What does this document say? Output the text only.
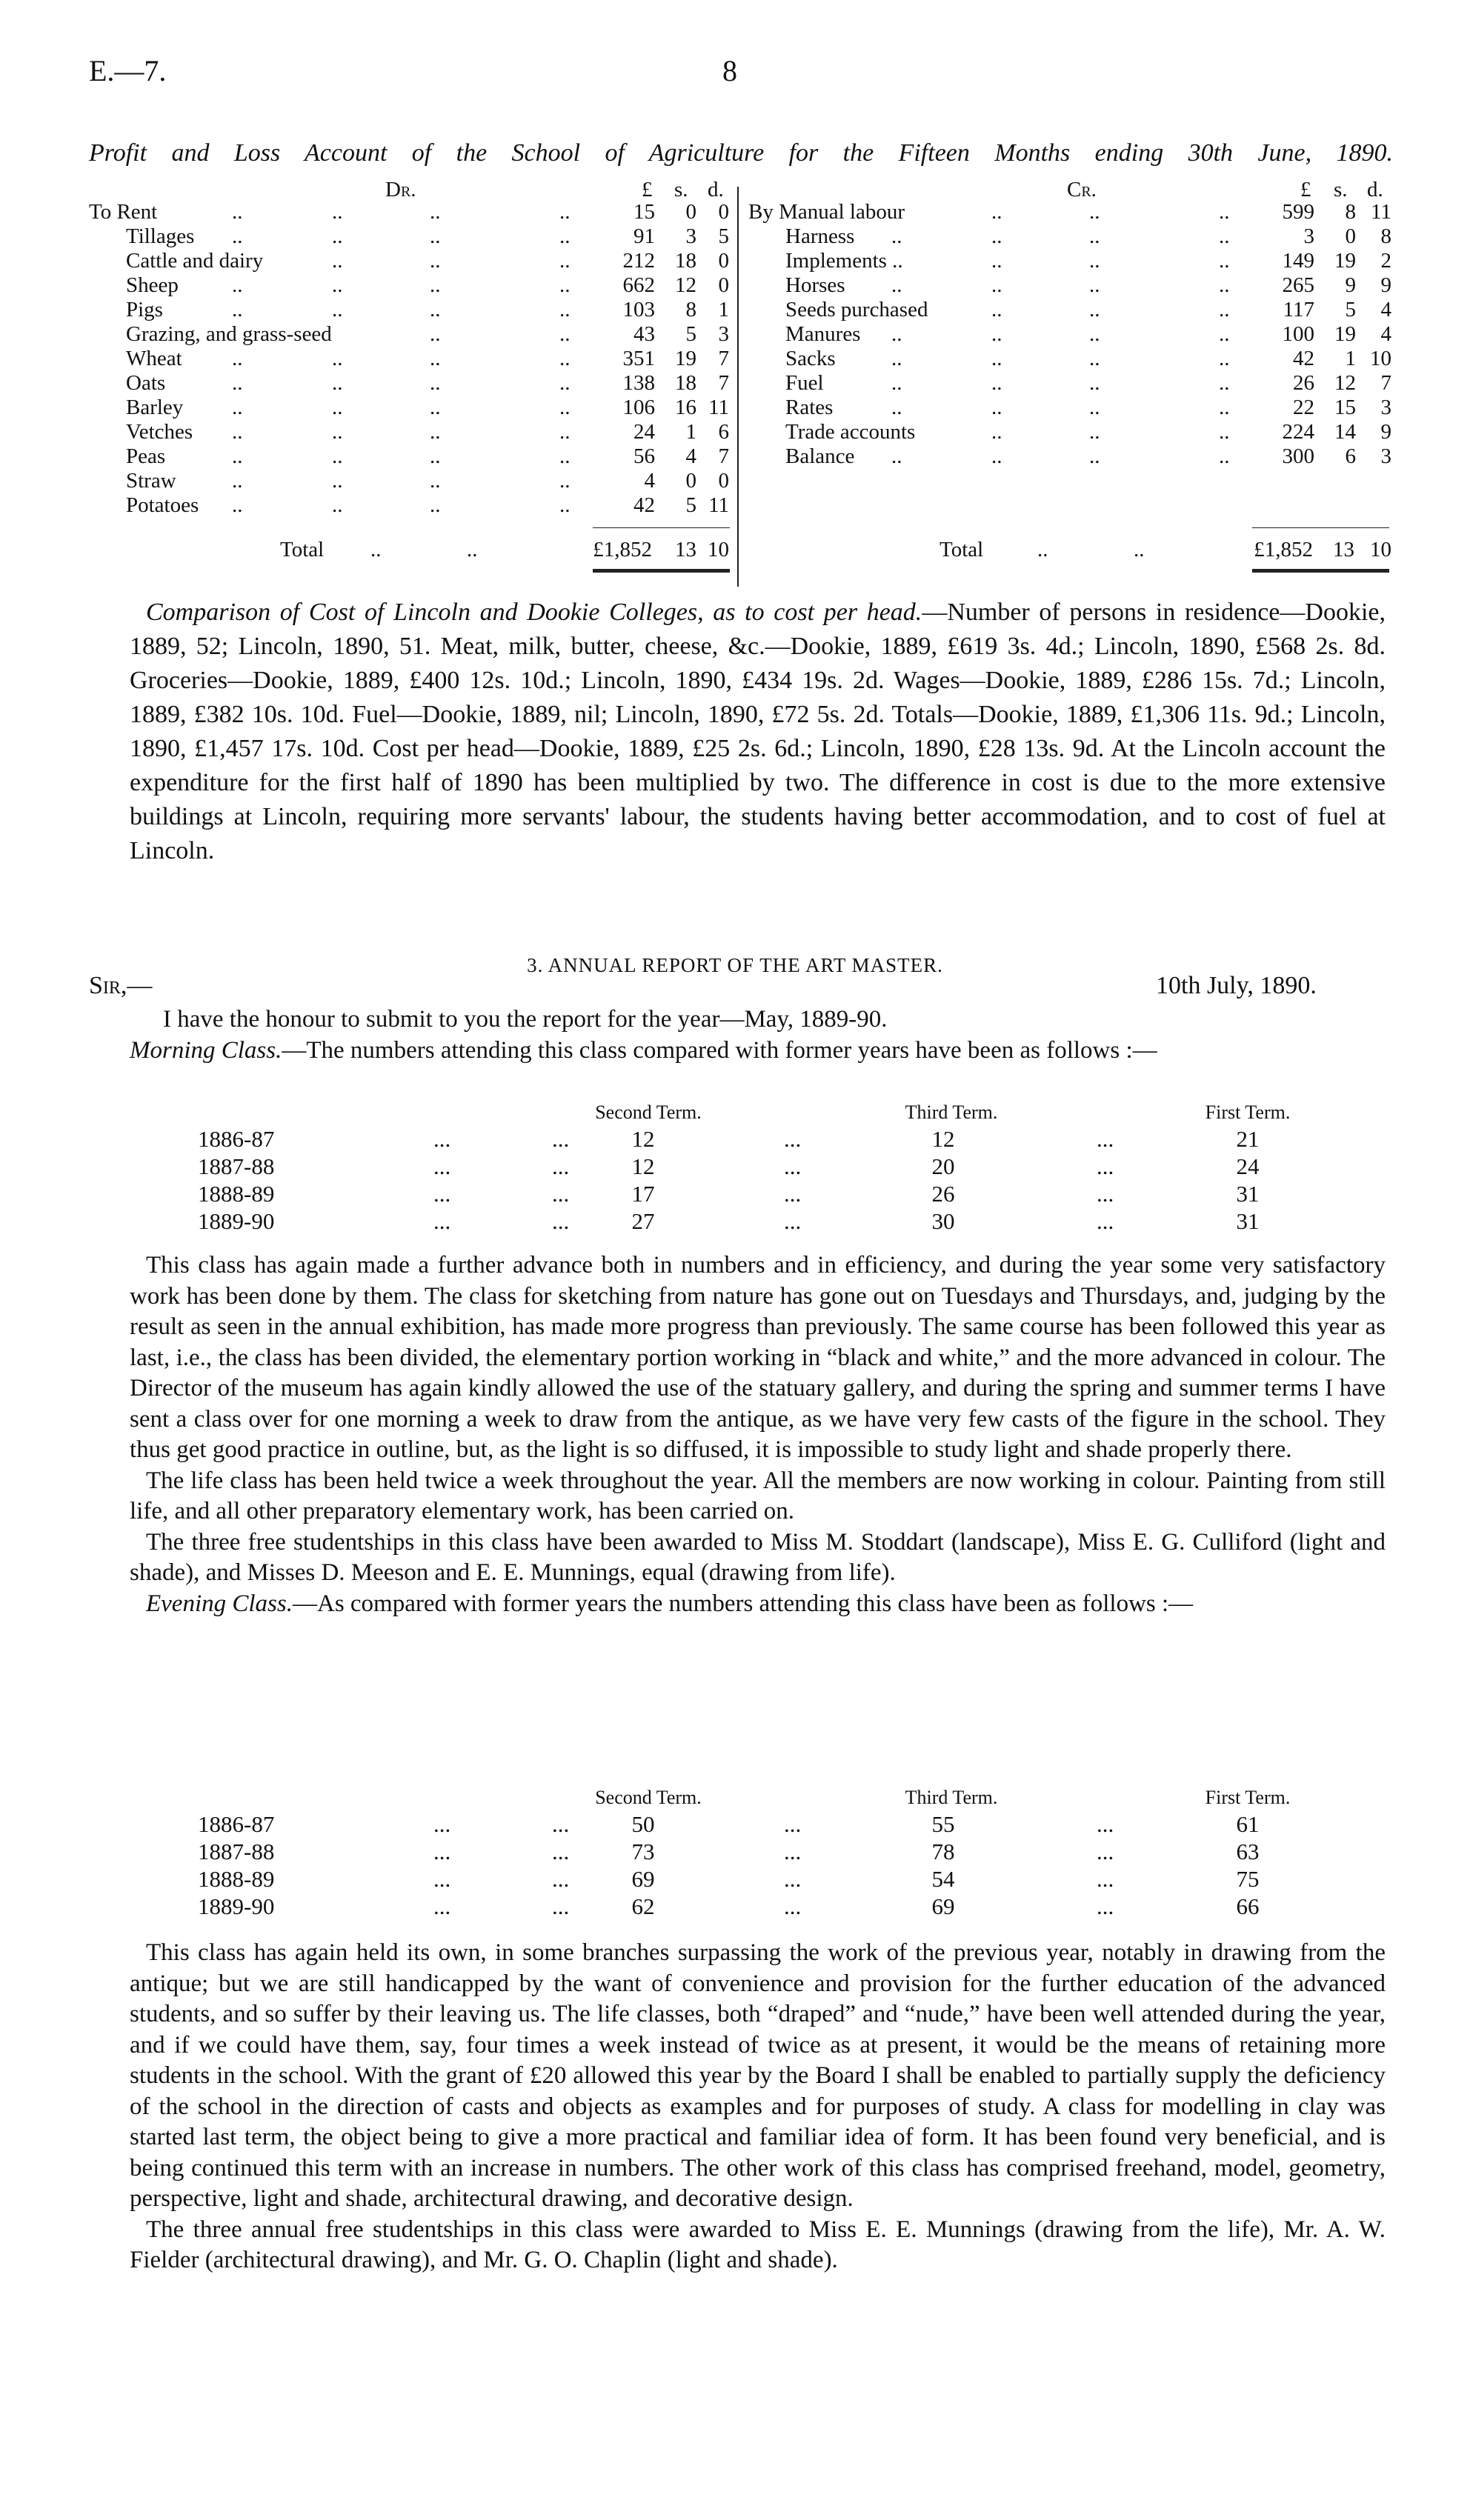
E.—7.	8
Profit and Loss Account of the School of Agriculture for the Fifteen Months ending 30th June, 1890.
Dr.	£ s. d.	Cr.	£ s. d.
To Rent	..	..	..	..	15	0	0
Tillages ..	..	..	..	91	3	5
Cattle and dairy	..	..	..	212 18	0
Sheep ..	..	..	..	662 12	0
Pigs	..	..	..	..	103	8	1
Grazing, and grass-seed	..	..	43	5	3
Wheat ..	..	..	..	351 19	7
Oats	..	..	..	..	138 18	7
Barley ..	..	..	..	106 16 11
Vetches ..	..	..	..	24	1	6
Peas	..	..	..	..	56	4	7
Straw	..	..	..	..	4	0	0
Potatoes ..	..	..	..	42	5 11
By Manual labour	..	..	..	599	8 11
Harness ..	..	..	..	3	0	8
Implements ..	..	..	..	149 19	2
Horses ..	..	..	..	265	9	9
Seeds purchased	..	..	..	117	5	4
Manures ..	..	..	..	100 19	4
Sacks	..	..	..	..	42	1 10
Fuel	..	..	..	..	26 12	7
Rates	..	..	..	..	22 15	3
Trade accounts	..	..	..	224 14	9
Balance ..	..	..	..	300	6	3
Total ..	..	£1,852	13 10	Total	..	..	£1,852 13 10

Comparison of Cost of Lincoln and Dookie Colleges, as to cost per head.—Number of persons in residence—Dookie, 1889, 52; Lincoln, 1890, 51. Meat, milk, butter, cheese, &c.—Dookie, 1889, £619 3s. 4d.; Lincoln, 1890, £568 2s. 8d. Groceries—Dookie, 1889, £400 12s. 10d.; Lincoln, 1890, £434 19s. 2d. Wages—Dookie, 1889, £286 15s. 7d.; Lincoln, 1889, £382 10s. 10d. Fuel—Dookie, 1889, nil; Lincoln, 1890, £72 5s. 2d. Totals—Dookie, 1889, £1,306 11s. 9d.; Lincoln, 1890, £1,457 17s. 10d. Cost per head—Dookie, 1889, £25 2s. 6d.; Lincoln, 1890, £28 13s. 9d. At the Lincoln account the expenditure for the first half of 1890 has been multiplied by two. The difference in cost is due to the more extensive buildings at Lincoln, requiring more servants' labour, the students having better accommodation, and to cost of fuel at Lincoln.

3. ANNUAL REPORT OF THE ART MASTER.
Sir,—	10th July, 1890.

I have the honour to submit to you the report for the year—May, 1889-90.

Morning Class.—The numbers attending this class compared with former years have been as follows :—

Second Term.	Third Term.	First Term.
1886-87	...	...	12	...	12	...	21
1887-88	...	...	12	...	20	...	24
1888-89	...	...	17	...	26	...	31
1889-90	...	...	27	...	30	...	31

This class has again made a further advance both in numbers and in efficiency, and during the year some very satisfactory work has been done by them. The class for sketching from nature has gone out on Tuesdays and Thursdays, and, judging by the result as seen in the annual exhibition, has made more progress than previously. The same course has been followed this year as last, i.e., the class has been divided, the elementary portion working in “black and white,” and the more advanced in colour. The Director of the museum has again kindly allowed the use of the statuary gallery, and during the spring and summer terms I have sent a class over for one morning a week to draw from the antique, as we have very few casts of the figure in the school. They thus get good practice in outline, but, as the light is so diffused, it is impossible to study light and shade properly there.

The life class has been held twice a week throughout the year. All the members are now working in colour. Painting from still life, and all other preparatory elementary work, has been carried on.

The three free studentships in this class have been awarded to Miss M. Stoddart (landscape), Miss E. G. Culliford (light and shade), and Misses D. Meeson and E. E. Munnings, equal (drawing from life).

Evening Class.—As compared with former years the numbers attending this class have been as follows :—

Second Term.	Third Term.	First Term.
1886-87	...	...	50	...	55	...	61
1887-88	...	...	73	...	78	...	63
1888-89	...	...	69	...	54	...	75
1889-90	...	...	62	...	69	...	66

This class has again held its own, in some branches surpassing the work of the previous year, notably in drawing from the antique; but we are still handicapped by the want of convenience and provision for the further education of the advanced students, and so suffer by their leaving us. The life classes, both “draped” and “nude,” have been well attended during the year, and if we could have them, say, four times a week instead of twice as at present, it would be the means of retaining more students in the school. With the grant of £20 allowed this year by the Board I shall be enabled to partially supply the deficiency of the school in the direction of casts and objects as examples and for purposes of study. A class for modelling in clay was started last term, the object being to give a more practical and familiar idea of form. It has been found very beneficial, and is being continued this term with an increase in numbers. The other work of this class has comprised freehand, model, geometry, perspective, light and shade, architectural drawing, and decorative design.

The three annual free studentships in this class were awarded to Miss E. E. Munnings (drawing from the life), Mr. A. W. Fielder (architectural drawing), and Mr. G. O. Chaplin (light and shade).
